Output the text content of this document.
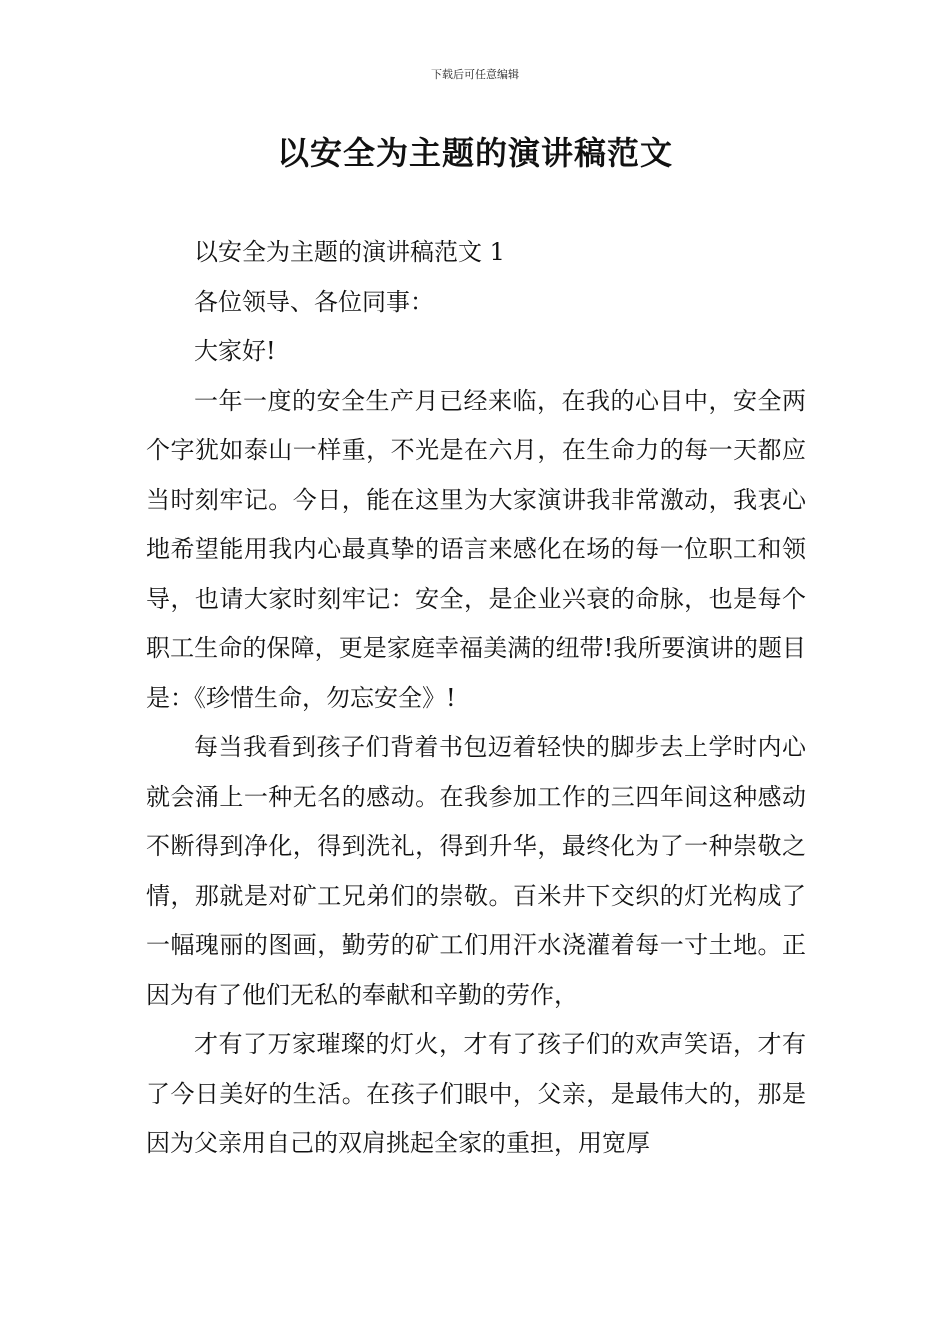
下载后可任意编辑
以安全为主题的演讲稿范文

以安全为主题的演讲稿范文 1

各位领导、各位同事：

大家好!

一年一度的安全生产月已经来临，在我的心目中，安全两个字犹如泰山一样重，不光是在六月，在生命力的每一天都应当时刻牢记。今日，能在这里为大家演讲我非常激动，我衷心地希望能用我内心最真挚的语言来感化在场的每一位职工和领导，也请大家时刻牢记：安全，是企业兴衰的命脉，也是每个职工生命的保障，更是家庭幸福美满的纽带!我所要演讲的题目是：《珍惜生命，勿忘安全》!

每当我看到孩子们背着书包迈着轻快的脚步去上学时内心就会涌上一种无名的感动。在我参加工作的三四年间这种感动不断得到净化，得到洗礼，得到升华，最终化为了一种崇敬之情，那就是对矿工兄弟们的崇敬。百米井下交织的灯光构成了一幅瑰丽的图画，勤劳的矿工们用汗水浇灌着每一寸土地。正因为有了他们无私的奉献和辛勤的劳作，

才有了万家璀璨的灯火，才有了孩子们的欢声笑语，才有了今日美好的生活。在孩子们眼中，父亲，是最伟大的，那是因为父亲用自己的双肩挑起全家的重担，用宽厚
